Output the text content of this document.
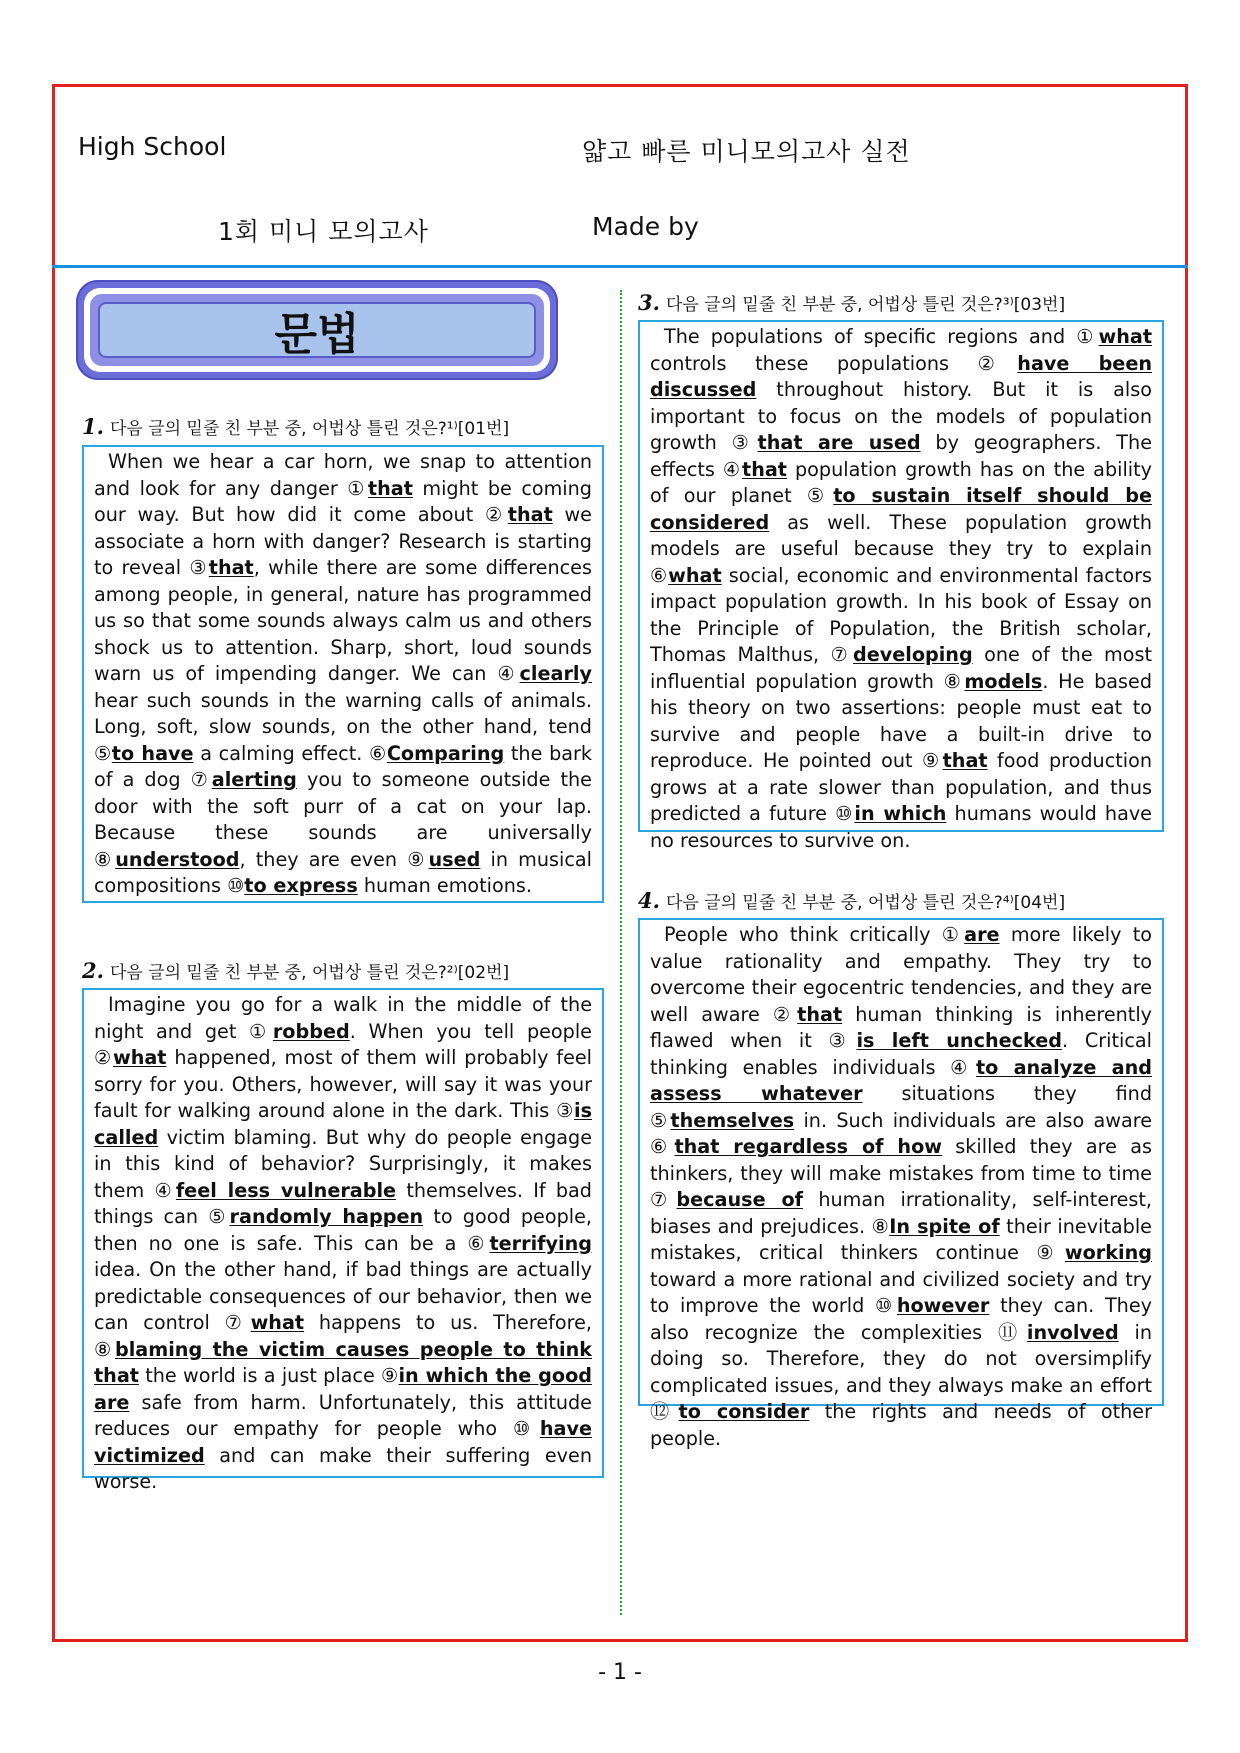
High School	얇고 빠른 미니모의고사 실전
1회 미니 모의고사	Made by
문법
1. 다음 글의 밑줄 친 부분 중, 어법상 틀린 것은?¹⁾[01번]
When we hear a car horn, we snap to attention and look for any danger ①that might be coming our way. But how did it come about ②that we associate a horn with danger? Research is starting to reveal ③that, while there are some differences among people, in general, nature has programmed us so that some sounds always calm us and others shock us to attention. Sharp, short, loud sounds warn us of impending danger. We can ④clearly hear such sounds in the warning calls of animals. Long, soft, slow sounds, on the other hand, tend ⑤to have a calming effect. ⑥Comparing the bark of a dog ⑦alerting you to someone outside the door with the soft purr of a cat on your lap. Because these sounds are universally ⑧understood, they are even ⑨used in musical compositions ⑩to express human emotions.
2. 다음 글의 밑줄 친 부분 중, 어법상 틀린 것은?²⁾[02번]
Imagine you go for a walk in the middle of the night and get ①robbed. When you tell people ②what happened, most of them will probably feel sorry for you. Others, however, will say it was your fault for walking around alone in the dark. This ③is called victim blaming. But why do people engage in this kind of behavior? Surprisingly, it makes them ④feel less vulnerable themselves. If bad things can ⑤randomly happen to good people, then no one is safe. This can be a ⑥terrifying idea. On the other hand, if bad things are actually predictable consequences of our behavior, then we can control ⑦what happens to us. Therefore, ⑧blaming the victim causes people to think that the world is a just place ⑨in which the good are safe from harm. Unfortunately, this attitude reduces our empathy for people who ⑩have victimized and can make their suffering even worse.
3. 다음 글의 밑줄 친 부분 중, 어법상 틀린 것은?³⁾[03번]
The populations of specific regions and ①what controls these populations ②have been discussed throughout history. But it is also important to focus on the models of population growth ③that are used by geographers. The effects ④that population growth has on the ability of our planet ⑤to sustain itself should be considered as well. These population growth models are useful because they try to explain ⑥what social, economic and environmental factors impact population growth. In his book of Essay on the Principle of Population, the British scholar, Thomas Malthus, ⑦developing one of the most influential population growth ⑧models. He based his theory on two assertions: people must eat to survive and people have a built-in drive to reproduce. He pointed out ⑨that food production grows at a rate slower than population, and thus predicted a future ⑩in which humans would have no resources to survive on.
4. 다음 글의 밑줄 친 부분 중, 어법상 틀린 것은?⁴⁾[04번]
People who think critically ①are more likely to value rationality and empathy. They try to overcome their egocentric tendencies, and they are well aware ②that human thinking is inherently flawed when it ③is left unchecked. Critical thinking enables individuals ④to analyze and assess whatever situations they find ⑤themselves in. Such individuals are also aware ⑥that regardless of how skilled they are as thinkers, they will make mistakes from time to time ⑦because of human irrationality, self-interest, biases and prejudices. ⑧In spite of their inevitable mistakes, critical thinkers continue ⑨working toward a more rational and civilized society and try to improve the world ⑩however they can. They also recognize the complexities ⑪involved in doing so. Therefore, they do not oversimplify complicated issues, and they always make an effort ⑫to consider the rights and needs of other people.
- 1 -
